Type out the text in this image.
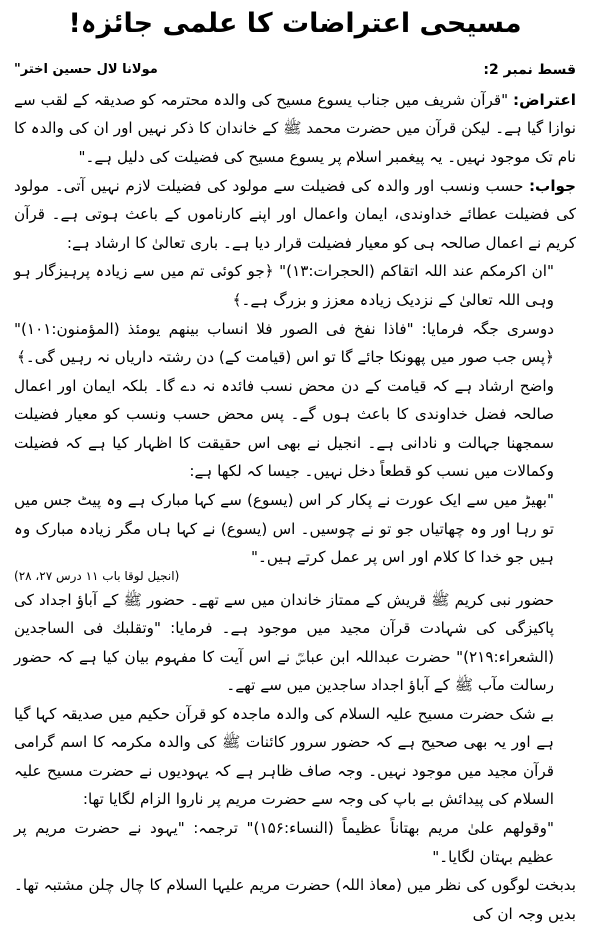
مسیحی اعتراضات کا علمی جائزہ!
قسط نمبر 2:
مولانا لال حسین اختر"

اعتراض: "قرآن شریف میں جناب یسوع مسیح کی والدہ محترمہ کو صدیقہ کے لقب سے نوازا گیا ہے۔ لیکن قرآن میں حضرت محمد ﷺ کے خاندان کا ذکر نہیں اور ان کی والدہ کا نام تک موجود نہیں۔ یہ پیغمبر اسلام پر یسوع مسیح کی فضیلت کی دلیل ہے۔"

جواب: حسب ونسب اور والدہ کی فضیلت سے مولود کی فضیلت لازم نہیں آتی۔ مولود کی فضیلت عطائے خداوندی، ایمان واعمال اور اپنے کارناموں کے باعث ہوتی ہے۔ قرآن کریم نے اعمال صالحہ ہی کو معیار فضیلت قرار دیا ہے۔ باری تعالیٰ کا ارشاد ہے:

"ان اکرمکم عند اللہ اتقاکم (الحجرات:۱۳)" ﴿جو کوئی تم میں سے زیادہ پرہیزگار ہو وہی اللہ تعالیٰ کے نزدیک زیادہ معزز و بزرگ ہے۔﴾

دوسری جگہ فرمایا: "فاذا نفخ فی الصور فلا انساب بینهم یومئذ (المؤمنون:۱۰۱)" ﴿پس جب صور میں پھونکا جائے گا تو اس (قیامت کے) دن رشتہ داریاں نہ رہیں گی۔﴾

واضح ارشاد ہے کہ قیامت کے دن محض نسب فائدہ نہ دے گا۔ بلکہ ایمان اور اعمال صالحہ فضل خداوندی کا باعث ہوں گے۔ پس محض حسب ونسب کو معیار فضیلت سمجھنا جہالت و نادانی ہے۔ انجیل نے بھی اس حقیقت کا اظہار کیا ہے کہ فضیلت وکمالات میں نسب کو قطعاً دخل نہیں۔ جیسا کہ لکھا ہے:

"بھیڑ میں سے ایک عورت نے پکار کر اس (یسوع) سے کہا مبارک ہے وہ پیٹ جس میں تو رہا اور وہ چھاتیاں جو تو نے چوسیں۔ اس (یسوع) نے کہا ہاں مگر زیادہ مبارک وہ ہیں جو خدا کا کلام اور اس پر عمل کرتے ہیں۔"
(انجیل لوقا باب ۱۱ درس ۲۷، ۲۸)

حضور نبی کریم ﷺ قریش کے ممتاز خاندان میں سے تھے۔ حضور ﷺ کے آباؤ اجداد کی پاکیزگی کی شہادت قرآن مجید میں موجود ہے۔ فرمایا: "وتقلبك فی الساجدین (الشعراء:۲۱۹)" حضرت عبداللہ ابن عباسؓ نے اس آیت کا مفہوم بیان کیا ہے کہ حضور رسالت مآب ﷺ کے آباؤ اجداد ساجدین میں سے تھے۔

بے شک حضرت مسیح علیہ السلام کی والدہ ماجدہ کو قرآن حکیم میں صدیقہ کہا گیا ہے اور یہ بھی صحیح ہے کہ حضور سرور کائنات ﷺ کی والدہ مکرمہ کا اسم گرامی قرآن مجید میں موجود نہیں۔ وجہ صاف ظاہر ہے کہ یہودیوں نے حضرت مسیح علیہ السلام کی پیدائش بے باپ کی وجہ سے حضرت مریم پر ناروا الزام لگایا تھا:

"وقولهم علیٰ مریم بهتاناً عظیماً (النساء:۱۵۶)" ترجمہ: "یہود نے حضرت مریم پر عظیم بہتان لگایا۔"

بدبخت لوگوں کی نظر میں (معاذ اللہ) حضرت مریم علیہا السلام کا چال چلن مشتبہ تھا۔ بدیں وجہ ان کی
